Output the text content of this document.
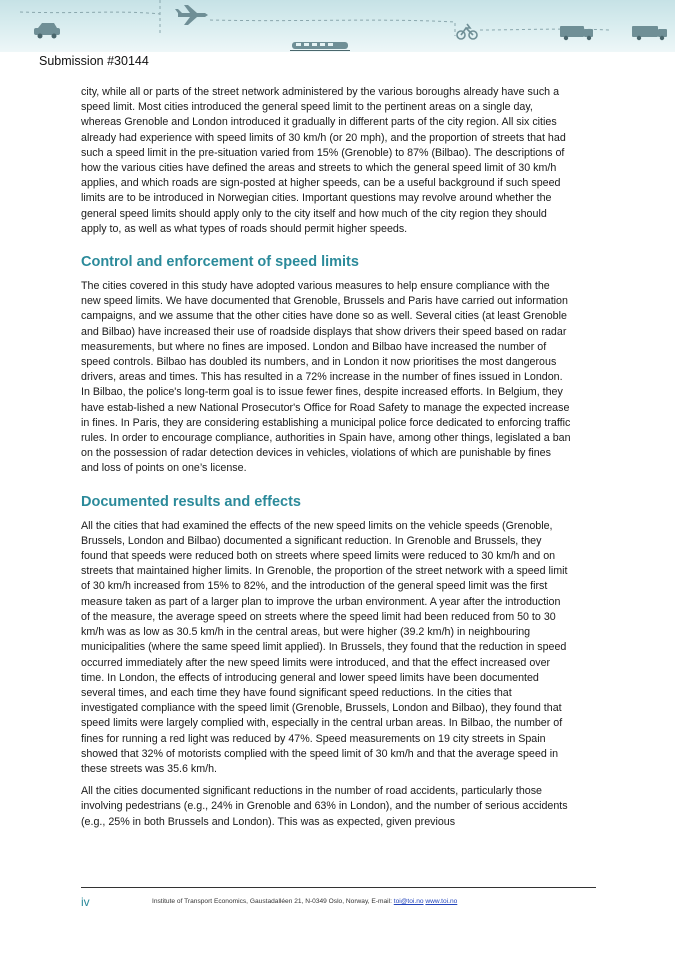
Submission #30144

city, while all or parts of the street network administered by the various boroughs already have such a speed limit. Most cities introduced the general speed limit to the pertinent areas on a single day, whereas Grenoble and London introduced it gradually in different parts of the city region. All six cities already had experience with speed limits of 30 km/h (or 20 mph), and the proportion of streets that had such a speed limit in the pre-situation varied from 15% (Grenoble) to 87% (Bilbao). The descriptions of how the various cities have defined the areas and streets to which the general speed limit of 30 km/h applies, and which roads are sign-posted at higher speeds, can be a useful background if such speed limits are to be introduced in Norwegian cities. Important questions may revolve around whether the general speed limits should apply only to the city itself and how much of the city region they should apply to, as well as what types of roads should permit higher speeds.

Control and enforcement of speed limits

The cities covered in this study have adopted various measures to help ensure compliance with the new speed limits. We have documented that Grenoble, Brussels and Paris have carried out information campaigns, and we assume that the other cities have done so as well. Several cities (at least Grenoble and Bilbao) have increased their use of roadside displays that show drivers their speed based on radar measurements, but where no fines are imposed. London and Bilbao have increased the number of speed controls. Bilbao has doubled its numbers, and in London it now prioritises the most dangerous drivers, areas and times. This has resulted in a 72% increase in the number of fines issued in London. In Bilbao, the police's long-term goal is to issue fewer fines, despite increased efforts. In Belgium, they have estab-lished a new National Prosecutor's Office for Road Safety to manage the expected increase in fines. In Paris, they are considering establishing a municipal police force dedicated to enforcing traffic rules. In order to encourage compliance, authorities in Spain have, among other things, legislated a ban on the possession of radar detection devices in vehicles, violations of which are punishable by fines and loss of points on one’s license.

Documented results and effects

All the cities that had examined the effects of the new speed limits on the vehicle speeds (Grenoble, Brussels, London and Bilbao) documented a significant reduction. In Grenoble and Brussels, they found that speeds were reduced both on streets where speed limits were reduced to 30 km/h and on streets that maintained higher limits. In Grenoble, the proportion of the street network with a speed limit of 30 km/h increased from 15% to 82%, and the introduction of the general speed limit was the first measure taken as part of a larger plan to improve the urban environment. A year after the introduction of the measure, the average speed on streets where the speed limit had been reduced from 50 to 30 km/h was as low as 30.5 km/h in the central areas, but were higher (39.2 km/h) in neighbouring municipalities (where the same speed limit applied). In Brussels, they found that the reduction in speed occurred immediately after the new speed limits were introduced, and that the effect increased over time. In London, the effects of introducing general and lower speed limits have been documented several times, and each time they have found significant speed reductions. In the cities that investigated compliance with the speed limit (Grenoble, Brussels, London and Bilbao), they found that speed limits were largely complied with, especially in the central urban areas. In Bilbao, the number of fines for running a red light was reduced by 47%. Speed measurements on 19 city streets in Spain showed that 32% of motorists complied with the speed limit of 30 km/h and that the average speed in these streets was 35.6 km/h.

All the cities documented significant reductions in the number of road accidents, particularly those involving pedestrians (e.g., 24% in Grenoble and 63% in London), and the number of serious accidents (e.g., 25% in both Brussels and London). This was as expected, given previous

iv	Institute of Transport Economics, Gaustadalléen 21, N-0349 Oslo, Norway, E-mail: toi@toi.no www.toi.no
